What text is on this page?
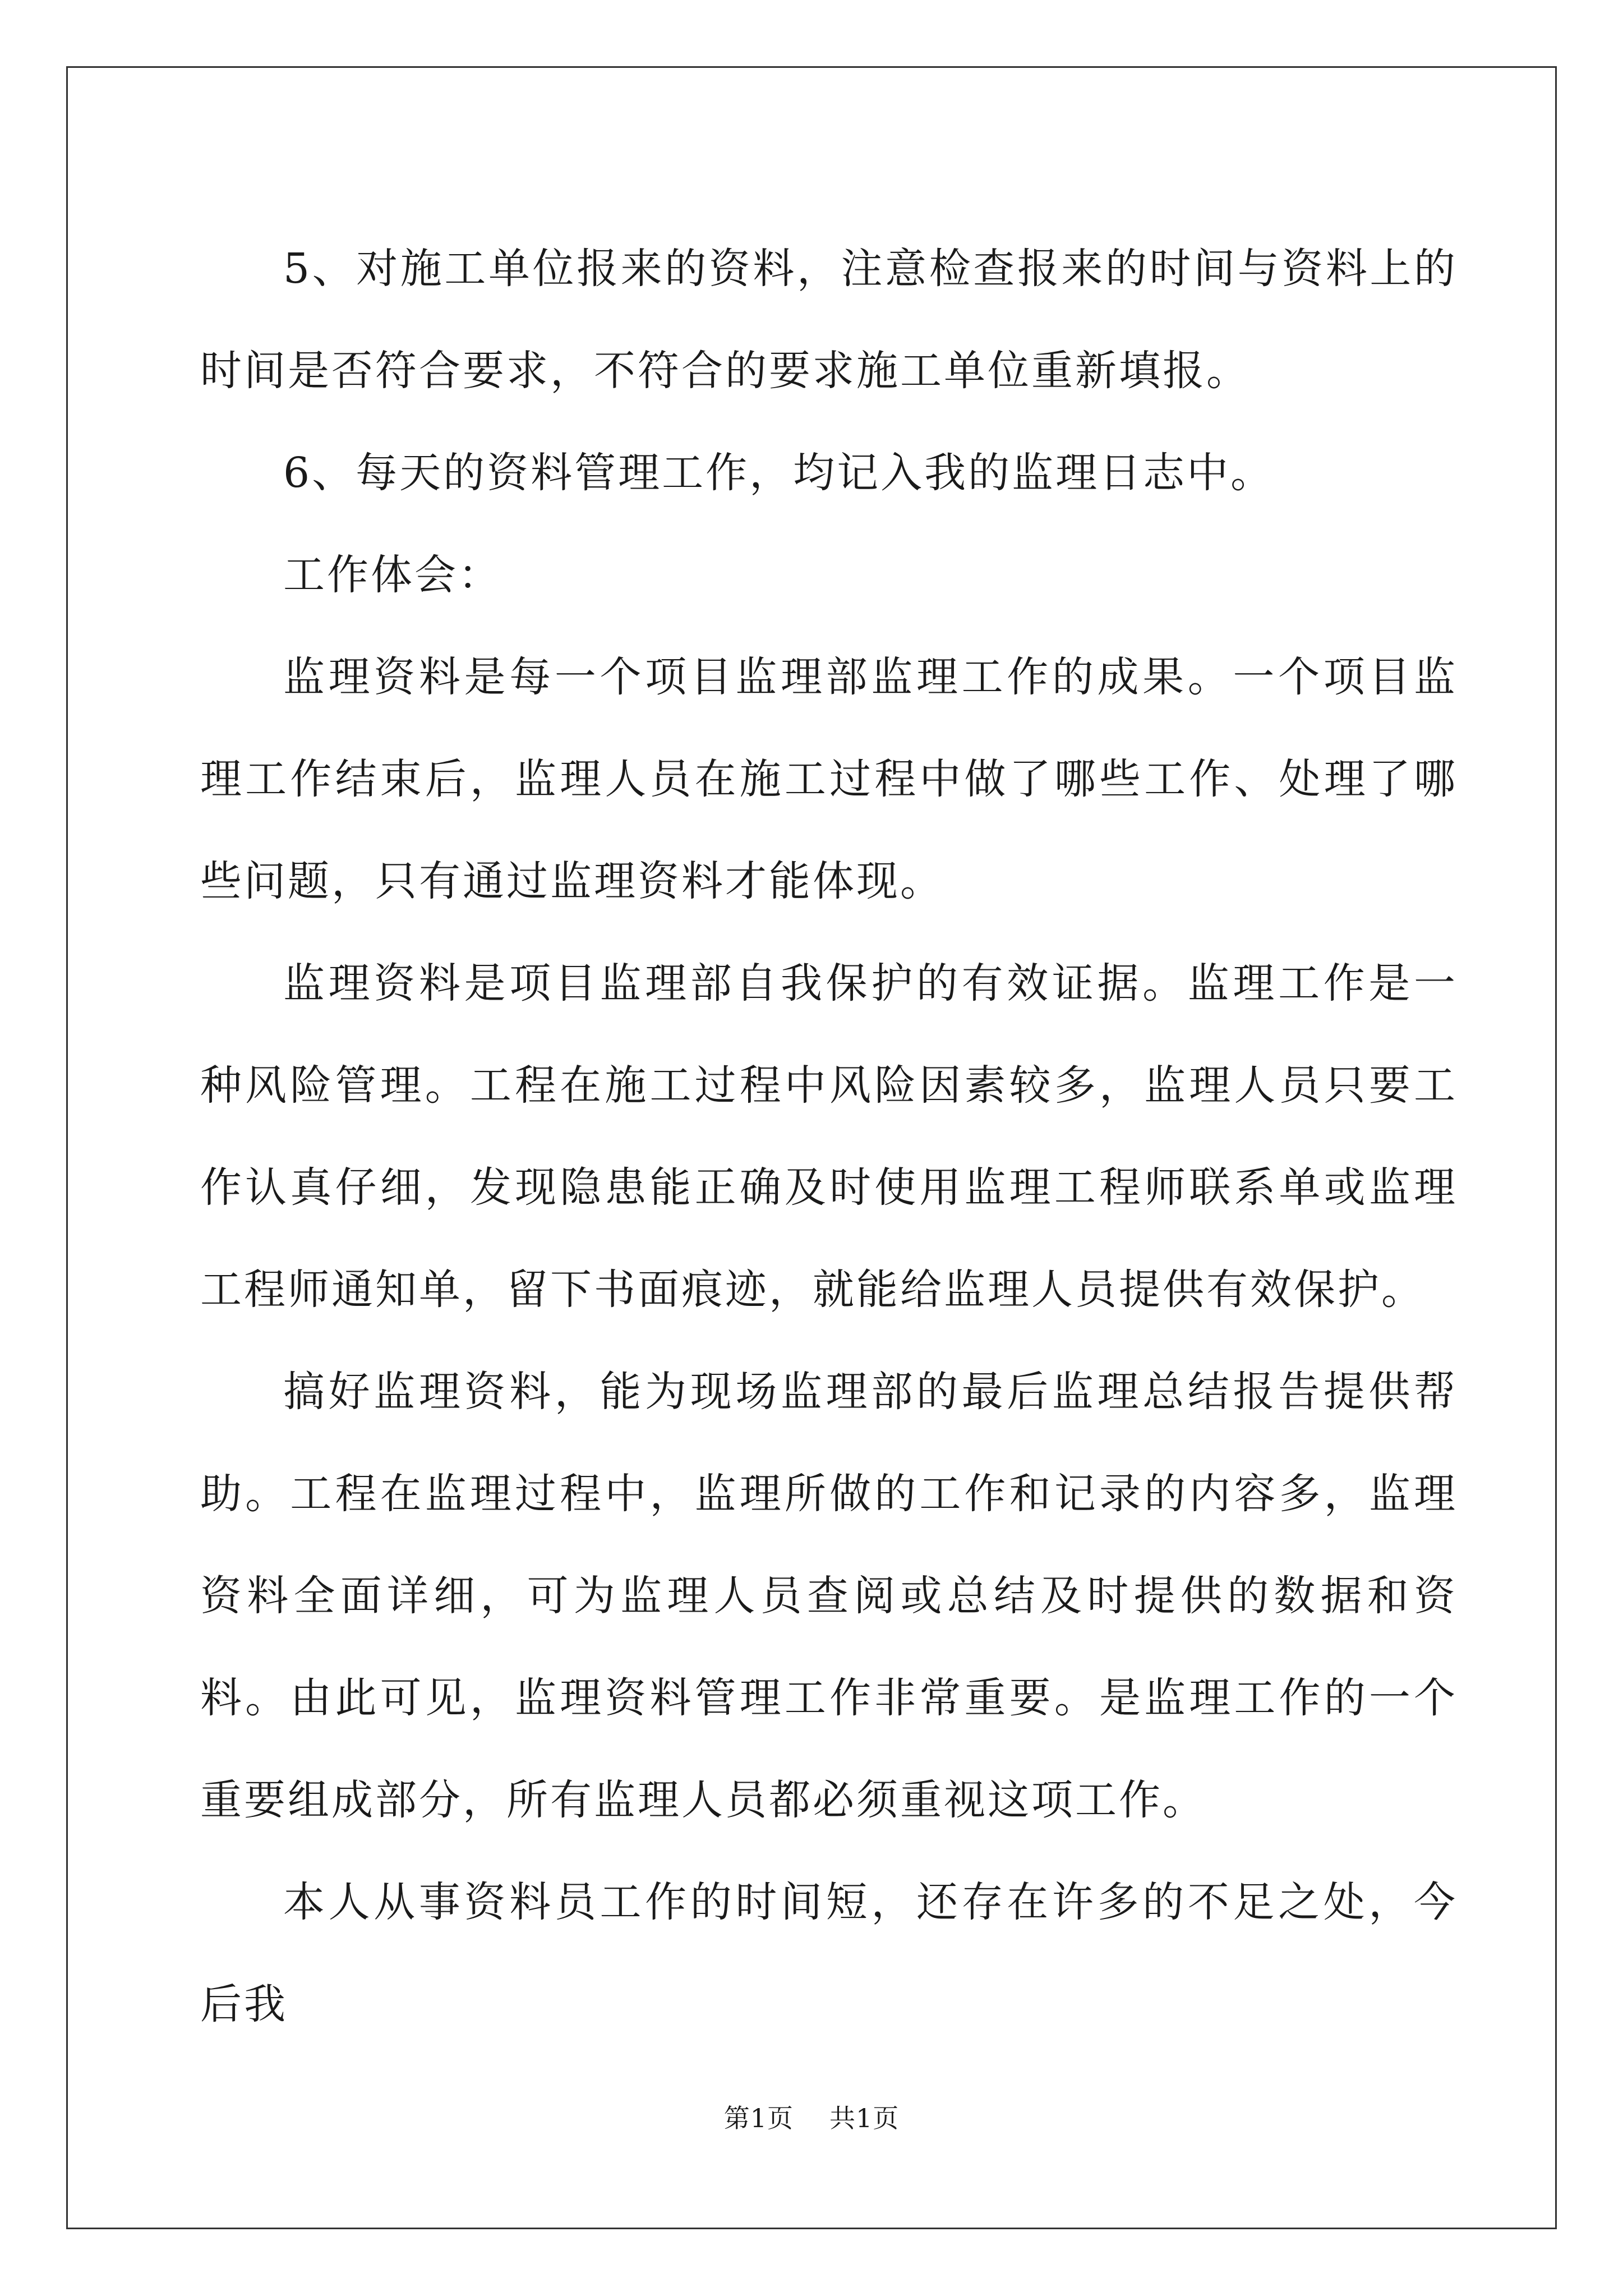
5、对施工单位报来的资料，注意检查报来的时间与资料上的时间是否符合要求，不符合的要求施工单位重新填报。

6、每天的资料管理工作，均记入我的监理日志中。

工作体会：

监理资料是每一个项目监理部监理工作的成果。一个项目监理工作结束后，监理人员在施工过程中做了哪些工作、处理了哪些问题，只有通过监理资料才能体现。

监理资料是项目监理部自我保护的有效证据。监理工作是一种风险管理。工程在施工过程中风险因素较多，监理人员只要工作认真仔细，发现隐患能正确及时使用监理工程师联系单或监理工程师通知单，留下书面痕迹，就能给监理人员提供有效保护。

搞好监理资料，能为现场监理部的最后监理总结报告提供帮助。工程在监理过程中，监理所做的工作和记录的内容多，监理资料全面详细，可为监理人员查阅或总结及时提供的数据和资料。由此可见，监理资料管理工作非常重要。是监理工作的一个重要组成部分，所有监理人员都必须重视这项工作。

本人从事资料员工作的时间短，还存在许多的不足之处，今后我

第1页 共1页
